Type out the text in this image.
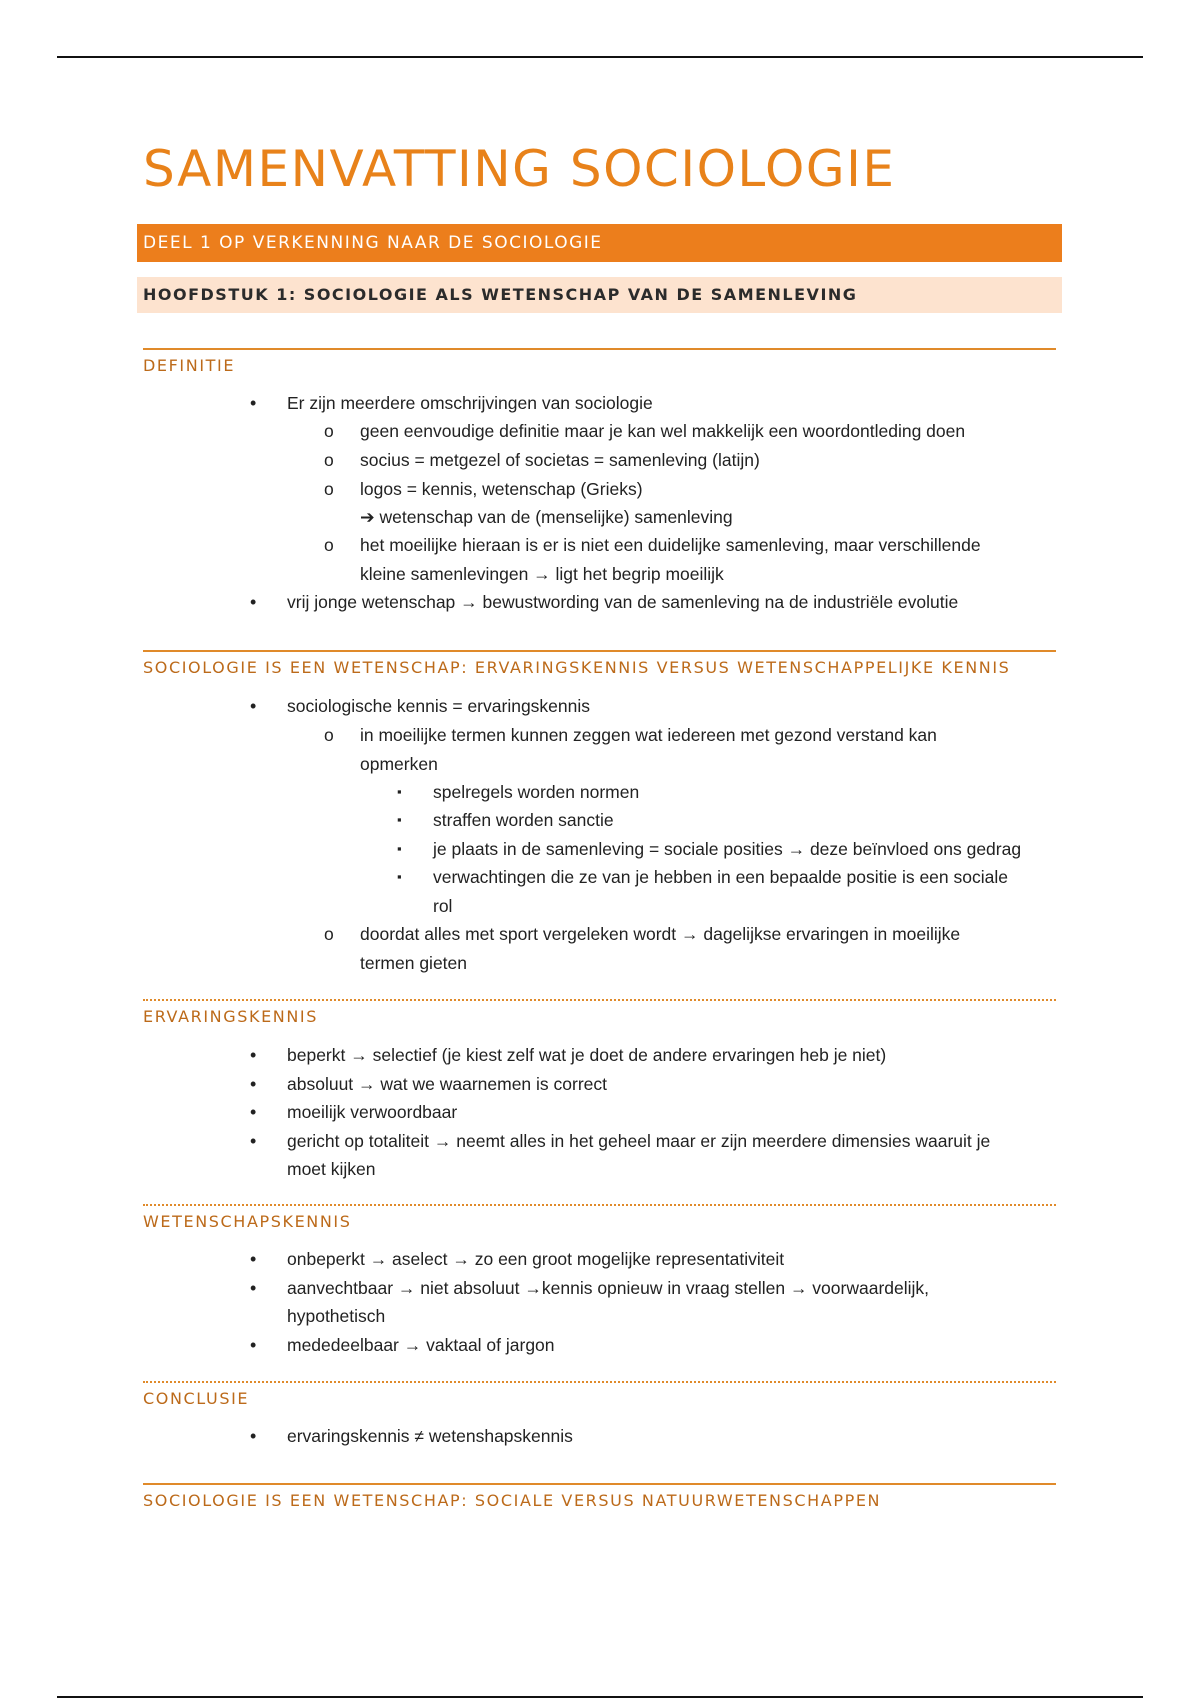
SAMENVATTING SOCIOLOGIE
DEEL 1 OP VERKENNING NAAR DE SOCIOLOGIE
HOOFDSTUK 1: SOCIOLOGIE ALS WETENSCHAP VAN DE SAMENLEVING
DEFINITIE
• Er zijn meerdere omschrijvingen van sociologie
o geen eenvoudige definitie maar je kan wel makkelijk een woordontleding doen
o socius = metgezel of societas = samenleving (latijn)
o logos = kennis, wetenschap (Grieks)
➔ wetenschap van de (menselijke) samenleving
o het moeilijke hieraan is er is niet een duidelijke samenleving, maar verschillende
kleine samenlevingen → ligt het begrip moeilijk
• vrij jonge wetenschap → bewustwording van de samenleving na de industriële evolutie
SOCIOLOGIE IS EEN WETENSCHAP: ERVARINGSKENNIS VERSUS WETENSCHAPPELIJKE KENNIS
• sociologische kennis = ervaringskennis
o in moeilijke termen kunnen zeggen wat iedereen met gezond verstand kan
opmerken
▪ spelregels worden normen
▪ straffen worden sanctie
▪ je plaats in de samenleving = sociale posities → deze beïnvloed ons gedrag
▪ verwachtingen die ze van je hebben in een bepaalde positie is een sociale
rol
o doordat alles met sport vergeleken wordt → dagelijkse ervaringen in moeilijke
termen gieten
ERVARINGSKENNIS
• beperkt → selectief (je kiest zelf wat je doet de andere ervaringen heb je niet)
• absoluut → wat we waarnemen is correct
• moeilijk verwoordbaar
• gericht op totaliteit → neemt alles in het geheel maar er zijn meerdere dimensies waaruit je
moet kijken
WETENSCHAPSKENNIS
• onbeperkt → aselect → zo een groot mogelijke representativiteit
• aanvechtbaar → niet absoluut →kennis opnieuw in vraag stellen → voorwaardelijk,
hypothetisch
• mededeelbaar → vaktaal of jargon
CONCLUSIE
• ervaringskennis ≠ wetenshapskennis
SOCIOLOGIE IS EEN WETENSCHAP: SOCIALE VERSUS NATUURWETENSCHAPPEN
